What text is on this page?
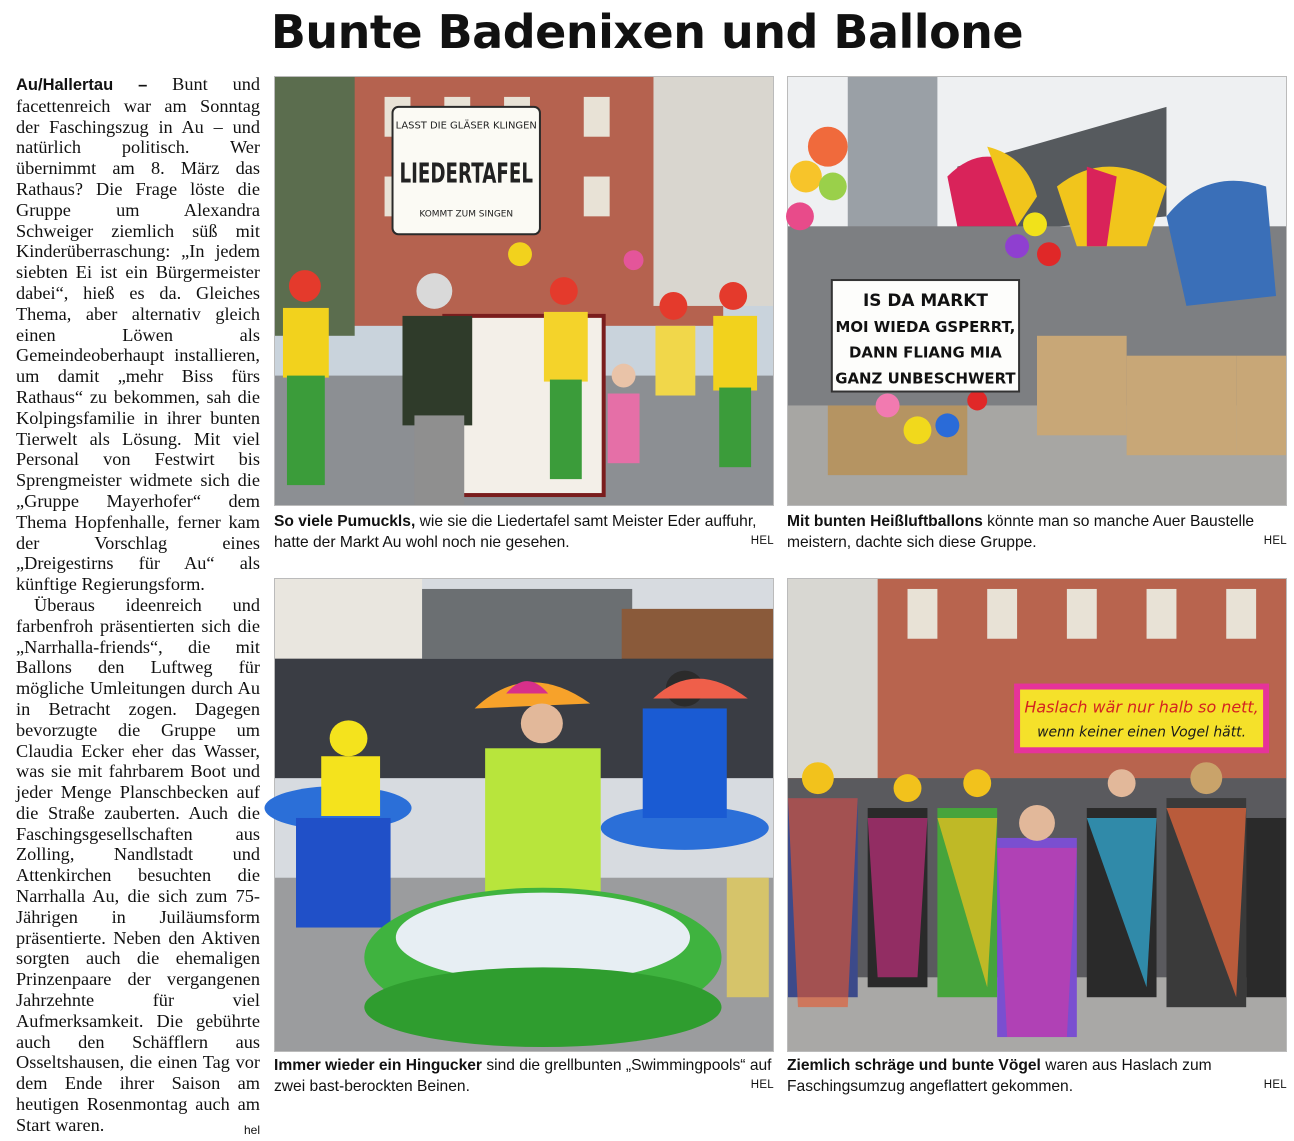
Bunte Badenixen und Ballone

Au/Hallertau – Bunt und facettenreich war am Sonntag der Faschingszug in Au – und natürlich politisch. Wer übernimmt am 8. März das Rathaus? Die Frage löste die Gruppe um Alexandra Schweiger ziemlich süß mit Kinderüberraschung: „In jedem siebten Ei ist ein Bürgermeister dabei“, hieß es da. Gleiches Thema, aber alternativ gleich einen Löwen als Gemeindeoberhaupt installieren, um damit „mehr Biss fürs Rathaus“ zu bekommen, sah die Kolpingsfamilie in ihrer bunten Tierwelt als Lösung. Mit viel Personal von Festwirt bis Sprengmeister widmete sich die „Gruppe Mayerhofer“ dem Thema Hopfenhalle, ferner kam der Vorschlag eines „Dreigestirns für Au“ als künftige Regierungsform.

Überaus ideenreich und farbenfroh präsentierten sich die „Narrhalla-friends“, die mit Ballons den Luftweg für mögliche Umleitungen durch Au in Betracht zogen. Dagegen bevorzugte die Gruppe um Claudia Ecker eher das Wasser, was sie mit fahrbarem Boot und jeder Menge Planschbecken auf die Straße zauberten. Auch die Faschingsgesellschaften aus Zolling, Nandlstadt und Attenkirchen besuchten die Narrhalla Au, die sich zum 75-Jährigen in Juiläumsform präsentierte. Neben den Aktiven sorgten auch die ehemaligen Prinzenpaare der vergangenen Jahrzehnte für viel Aufmerksamkeit. Die gebührte auch den Schäfflern aus Osseltshausen, die einen Tag vor dem Ende ihrer Saison am heutigen Rosenmontag auch am Start waren.	hel

LASST DIE GLÄSER KLINGEN
LIEDERTAFEL
KOMMT ZUM SINGEN
IS DA MARKT
MOI WIEDA GSPERRT,
DANN FLIANG MIA
GANZ UNBESCHWERT
Haslach wär nur halb so nett,
wenn keiner einen Vogel hätt.
So viele Pumuckls, wie sie die Liedertafel samt Meister Eder auffuhr, hatte der Markt Au wohl noch nie gesehen.	HEL
Mit bunten Heißluftballons könnte man so manche Auer Baustelle meistern, dachte sich diese Gruppe.	HEL
Immer wieder ein Hingucker sind die grellbunten „Swimmingpools“ auf zwei bast-berockten Beinen.	HEL
Ziemlich schräge und bunte Vögel waren aus Haslach zum Faschingsumzug angeflattert gekommen.	HEL
